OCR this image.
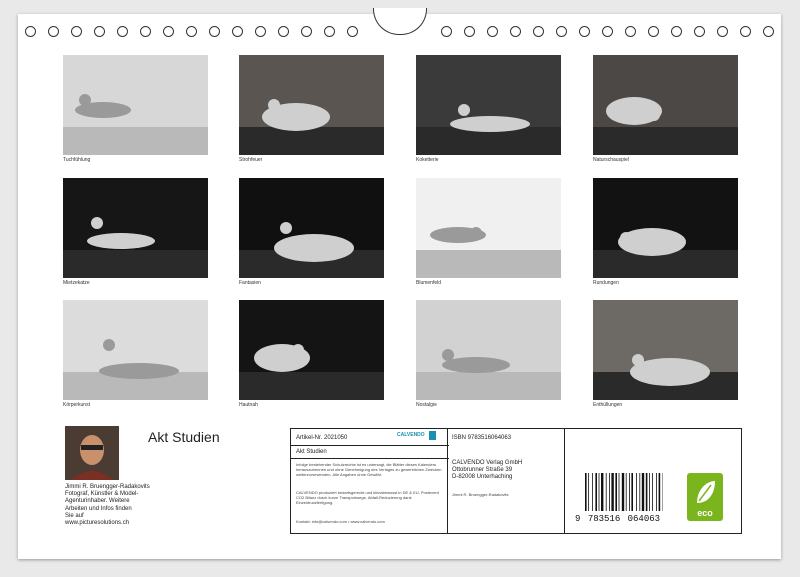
Tuchfühlung	Strohfeuer	Koketterie	Naturschauspiel
Mietzekatze	Fantasien	Blumenfeld	Rundungen
Körperkunst	Hautnah	Nostalgie	Enthüllungen
Akt Studien
Jimmi R. Bruengger-Radakovits
Fotograf, Künstler & Model-
Agenturinhaber. Weitere
Arbeiten und Infos finden
Sie auf
www.picturesolutions.ch
Artikel-Nr. 2021050	CALVENDO
Akt Studien
Infolge bestehender Schutzrechte ist es untersagt, die Blätter dieses Kalenders herauszutrennen und ohne Genehmigung des Verlages zu gewerblichen Zwecken weiterzuverwenden. Alle Angaben ohne Gewähr.
CALVENDO produziert bedarfsgerecht und klimabewusst in DE & EU. Posteverd CO2 Bilanz durch kurze Transportwege, Abfall-Reduzierung dank Einzeldruckfertigung.
Kontakt: info@calvendo.com • www.calvendo.com
ISBN 9783516064063
CALVENDO Verlag GmbH
Ottobrunner Straße 39
D-82008 Unterhaching
Jimmi R. Bruengger-Radakovits
9 783516 064063
eco
